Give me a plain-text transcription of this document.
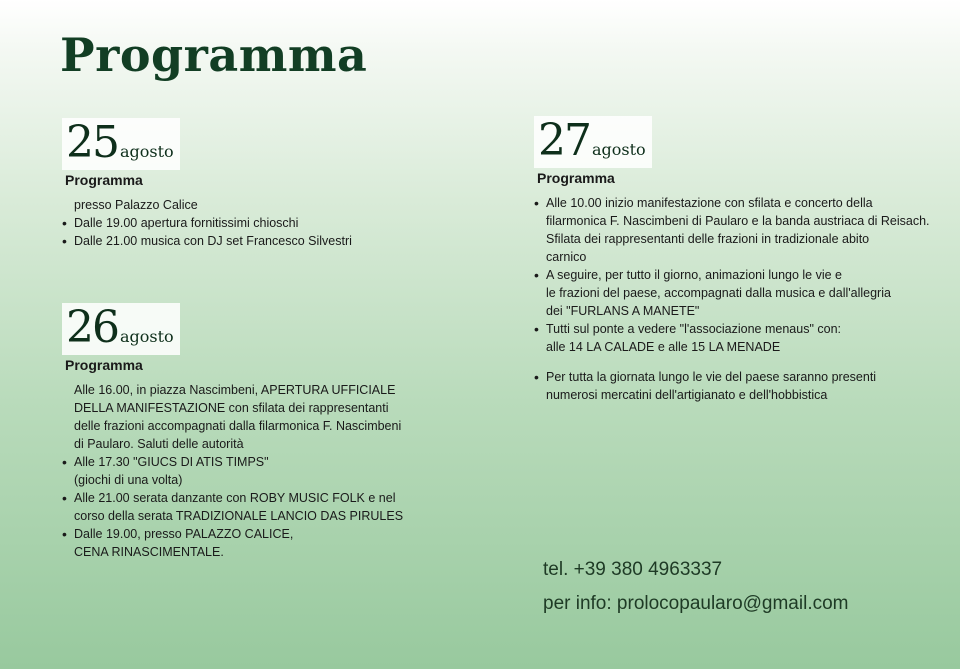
Programma
25 agosto
Programma
presso Palazzo Calice
• Dalle 19.00 apertura fornitissimi chioschi
• Dalle 21.00 musica con DJ set Francesco Silvestri
26 agosto
Programma
Alle 16.00, in piazza Nascimbeni, APERTURA UFFICIALE
DELLA MANIFESTAZIONE con sfilata dei rappresentanti
delle frazioni accompagnati dalla filarmonica F. Nascimbeni
di Paularo. Saluti delle autorità
• Alle 17.30 "GIUCS DI ATIS TIMPS"
(giochi di una volta)
• Alle 21.00 serata danzante con ROBY MUSIC FOLK e nel
corso della serata TRADIZIONALE LANCIO DAS PIRULES
• Dalle 19.00, presso PALAZZO CALICE,
CENA RINASCIMENTALE.
27 agosto
Programma
• Alle 10.00 inizio manifestazione con sfilata e concerto della
filarmonica F. Nascimbeni di Paularo e la banda austriaca di Reisach.
Sfilata dei rappresentanti delle frazioni in tradizionale abito
carnico
• A seguire, per tutto il giorno, animazioni lungo le vie e
le frazioni del paese, accompagnati dalla musica e dall'allegria
dei "FURLANS A MANETE"
• Tutti sul ponte a vedere "l'associazione menaus" con:
alle 14 LA CALADE e alle 15 LA MENADE
• Per tutta la giornata lungo le vie del paese saranno presenti
numerosi mercatini dell'artigianato e dell'hobbistica
tel. +39 380 4963337
per info: prolocopaularo@gmail.com
